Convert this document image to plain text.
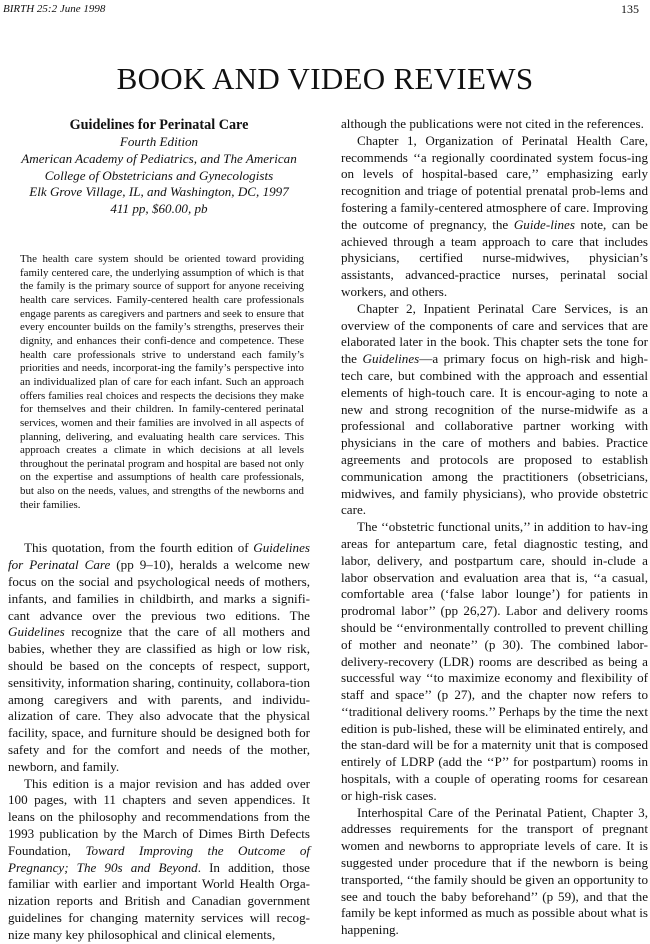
BIRTH 25:2 June 1998	135
BOOK AND VIDEO REVIEWS

Guidelines for Perinatal Care

Fourth Edition
American Academy of Pediatrics, and The American
College of Obstetricians and Gynecologists
Elk Grove Village, IL, and Washington, DC, 1997
411 pp, $60.00, pb

The health care system should be oriented toward providing family centered care, the underlying assumption of which is that the family is the primary source of support for anyone receiving health care services. Family-centered health care professionals engage parents as caregivers and partners and seek to ensure that every encounter builds on the family’s strengths, preserves their dignity, and enhances their confi-dence and competence. These health care professionals strive to understand each family’s priorities and needs, incorporat-ing the family’s perspective into an individualized plan of care for each infant. Such an approach offers families real choices and respects the decisions they make for themselves and their children. In family-centered perinatal services, women and their families are involved in all aspects of planning, delivering, and evaluating health care services. This approach creates a climate in which decisions at all levels throughout the perinatal program and hospital are based not only on the expertise and assumptions of health care professionals, but also on the needs, values, and strengths of the newborns and their families.

This quotation, from the fourth edition of Guidelines for Perinatal Care (pp 9–10), heralds a welcome new focus on the social and psychological needs of mothers, infants, and families in childbirth, and marks a signifi-cant advance over the previous two editions. The Guidelines recognize that the care of all mothers and babies, whether they are classified as high or low risk, should be based on the concepts of respect, support, sensitivity, information sharing, continuity, collabora-tion among caregivers and with parents, and individu-alization of care. They also advocate that the physical facility, space, and furniture should be designed both for safety and for the comfort and needs of the mother, newborn, and family.

This edition is a major revision and has added over 100 pages, with 11 chapters and seven appendices. It leans on the philosophy and recommendations from the 1993 publication by the March of Dimes Birth Defects Foundation, Toward Improving the Outcome of Pregnancy; The 90s and Beyond. In addition, those familiar with earlier and important World Health Orga-nization reports and British and Canadian government guidelines for changing maternity services will recog-nize many key philosophical and clinical elements,

although the publications were not cited in the references.

Chapter 1, Organization of Perinatal Health Care, recommends ‘‘a regionally coordinated system focus-ing on levels of hospital-based care,’’ emphasizing early recognition and triage of potential prenatal prob-lems and fostering a family-centered atmosphere of care. Improving the outcome of pregnancy, the Guide-lines note, can be achieved through a team approach to care that includes physicians, certified nurse-midwives, physician’s assistants, advanced-practice nurses, perinatal social workers, and others.

Chapter 2, Inpatient Perinatal Care Services, is an overview of the components of care and services that are elaborated later in the book. This chapter sets the tone for the Guidelines—a primary focus on high-risk and high-tech care, but combined with the approach and essential elements of high-touch care. It is encour-aging to note a new and strong recognition of the nurse-midwife as a professional and collaborative partner working with physicians in the care of mothers and babies. Practice agreements and protocols are proposed to establish communication among the practitioners (obsetricians, midwives, and family physicians), who provide obstetric care.

The ‘‘obstetric functional units,’’ in addition to hav-ing areas for antepartum care, fetal diagnostic testing, and labor, delivery, and postpartum care, should in-clude a labor observation and evaluation area that is, ‘‘a casual, comfortable area (‘false labor lounge’) for patients in prodromal labor’’ (pp 26,27). Labor and delivery rooms should be ‘‘environmentally controlled to prevent chilling of mother and neonate’’ (p 30). The combined labor-delivery-recovery (LDR) rooms are described as being a successful way ‘‘to maximize economy and flexibility of staff and space’’ (p 27), and the chapter now refers to ‘‘traditional delivery rooms.’’ Perhaps by the time the next edition is pub-lished, these will be eliminated entirely, and the stan-dard will be for a maternity unit that is composed entirely of LDRP (add the ‘‘P’’ for postpartum) rooms in hospitals, with a couple of operating rooms for cesarean or high-risk cases.

Interhospital Care of the Perinatal Patient, Chapter 3, addresses requirements for the transport of pregnant women and newborns to appropriate levels of care. It is suggested under procedure that if the newborn is being transported, ‘‘the family should be given an opportunity to see and touch the baby beforehand’’ (p 59), and that the family be kept informed as much as possible about what is happening.
